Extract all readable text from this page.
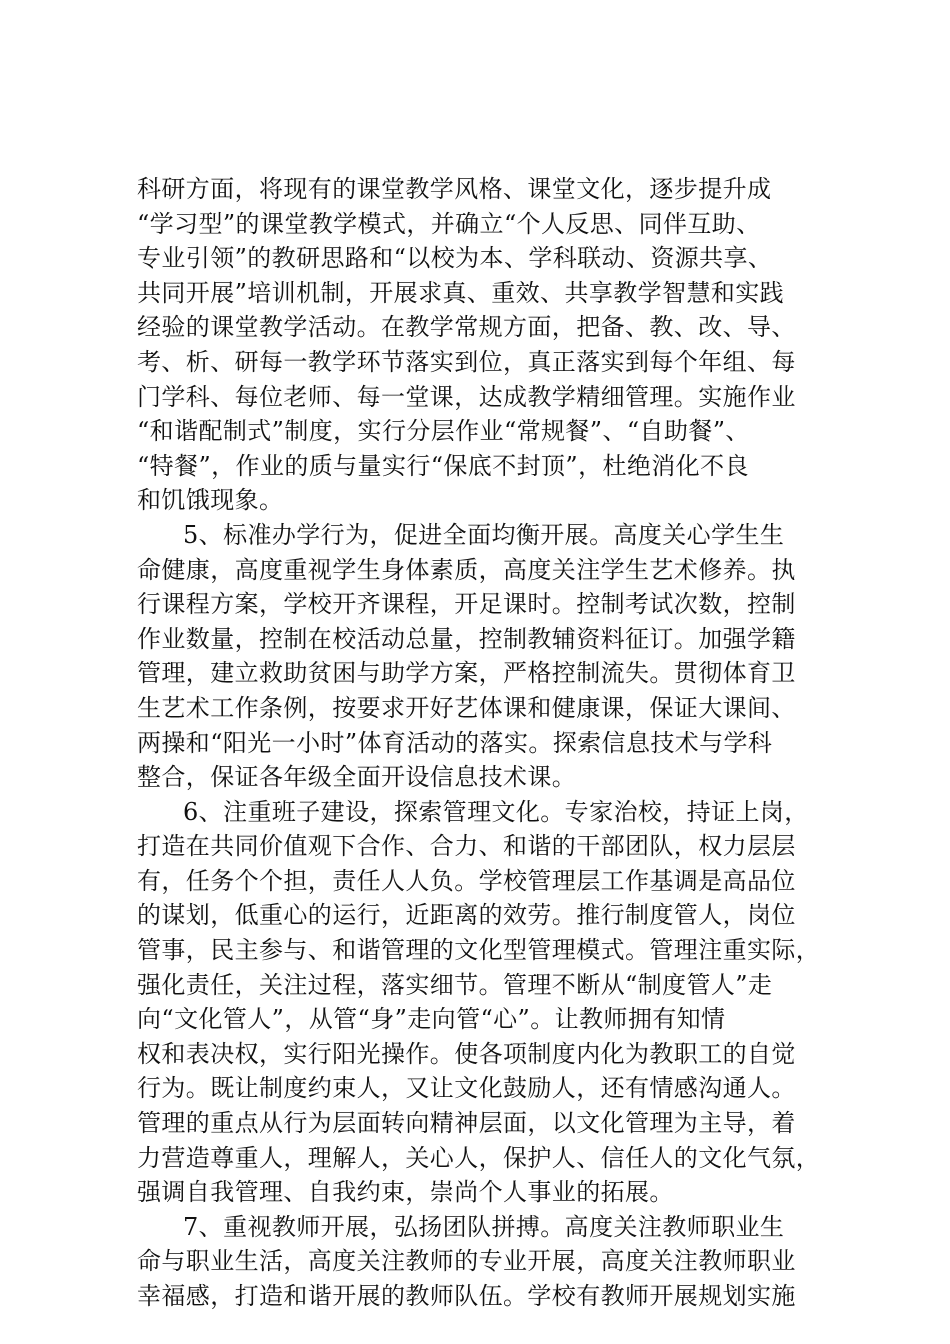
科研方面，将现有的课堂教学风格、课堂文化，逐步提升成
“学习型”的课堂教学模式，并确立“个人反思、同伴互助、
专业引领”的教研思路和“以校为本、学科联动、资源共享、
共同开展”培训机制，开展求真、重效、共享教学智慧和实践
经验的课堂教学活动。在教学常规方面，把备、教、改、导、
考、析、研每一教学环节落实到位，真正落实到每个年组、每
门学科、每位老师、每一堂课，达成教学精细管理。实施作业
“和谐配制式”制度，实行分层作业“常规餐”、“自助餐”、
“特餐”，作业的质与量实行“保底不封顶”，杜绝消化不良
和饥饿现象。
5、标准办学行为，促进全面均衡开展。高度关心学生生
命健康，高度重视学生身体素质，高度关注学生艺术修养。执
行课程方案，学校开齐课程，开足课时。控制考试次数，控制
作业数量，控制在校活动总量，控制教辅资料征订。加强学籍
管理，建立救助贫困与助学方案，严格控制流失。贯彻体育卫
生艺术工作条例，按要求开好艺体课和健康课，保证大课间、
两操和“阳光一小时”体育活动的落实。探索信息技术与学科
整合，保证各年级全面开设信息技术课。
6、注重班子建设，探索管理文化。专家治校，持证上岗，
打造在共同价值观下合作、合力、和谐的干部团队，权力层层
有，任务个个担，责任人人负。学校管理层工作基调是高品位
的谋划，低重心的运行，近距离的效劳。推行制度管人，岗位
管事，民主参与、和谐管理的文化型管理模式。管理注重实际，
强化责任，关注过程，落实细节。管理不断从“制度管人”走
向“文化管人”，从管“身”走向管“心”。让教师拥有知情
权和表决权，实行阳光操作。使各项制度内化为教职工的自觉
行为。既让制度约束人，又让文化鼓励人，还有情感沟通人。
管理的重点从行为层面转向精神层面，以文化管理为主导，着
力营造尊重人，理解人，关心人，保护人、信任人的文化气氛，
强调自我管理、自我约束，崇尚个人事业的拓展。
7、重视教师开展，弘扬团队拼搏。高度关注教师职业生
命与职业生活，高度关注教师的专业开展，高度关注教师职业
幸福感，打造和谐开展的教师队伍。学校有教师开展规划实施
